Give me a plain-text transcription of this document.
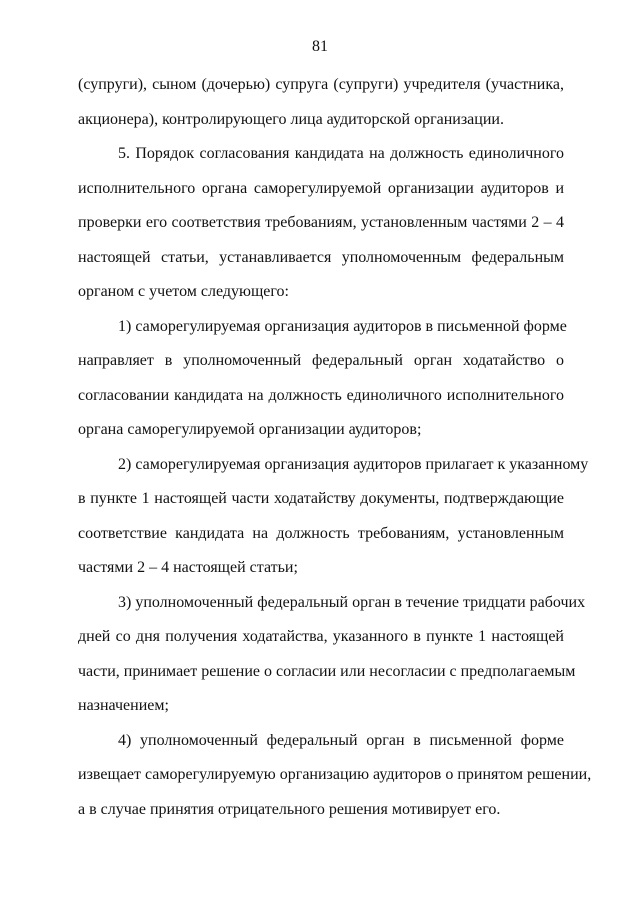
81
(супруги), сыном (дочерью) супруга (супруги) учредителя (участника,
акционера), контролирующего лица аудиторской организации.
5. Порядок согласования кандидата на должность единоличного
исполнительного органа саморегулируемой организации аудиторов и
проверки его соответствия требованиям, установленным частями 2 – 4
настоящей статьи, устанавливается уполномоченным федеральным
органом с учетом следующего:
1) саморегулируемая организация аудиторов в письменной форме
направляет в уполномоченный федеральный орган ходатайство о
согласовании кандидата на должность единоличного исполнительного
органа саморегулируемой организации аудиторов;
2) саморегулируемая организация аудиторов прилагает к указанному
в пункте 1 настоящей части ходатайству документы, подтверждающие
соответствие кандидата на должность требованиям, установленным
частями 2 – 4 настоящей статьи;
3) уполномоченный федеральный орган в течение тридцати рабочих
дней со дня получения ходатайства, указанного в пункте 1 настоящей
части, принимает решение о согласии или несогласии с предполагаемым
назначением;
4) уполномоченный федеральный орган в письменной форме
извещает саморегулируемую организацию аудиторов о принятом решении,
а в случае принятия отрицательного решения мотивирует его.
